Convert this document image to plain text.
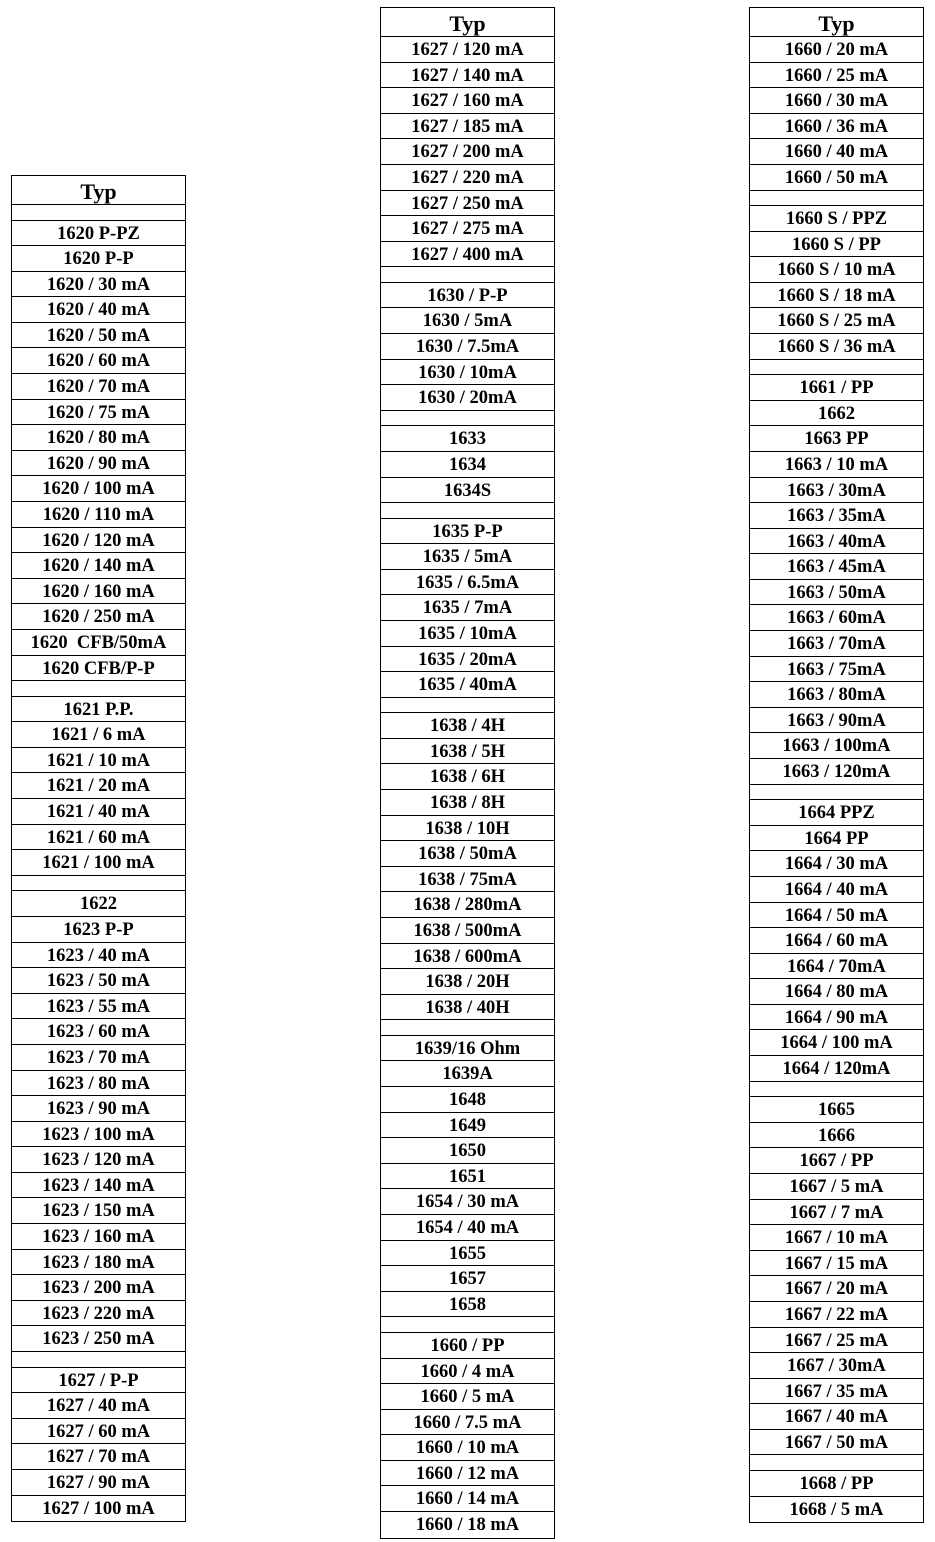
Typ
1620 P-PZ
1620 P-P
1620 / 30 mA
1620 / 40 mA
1620 / 50 mA
1620 / 60 mA
1620 / 70 mA
1620 / 75 mA
1620 / 80 mA
1620 / 90 mA
1620 / 100 mA
1620 / 110 mA
1620 / 120 mA
1620 / 140 mA
1620 / 160 mA
1620 / 250 mA
1620  CFB/50mA
1620 CFB/P-P
1621 P.P.
1621 / 6 mA
1621 / 10 mA
1621 / 20 mA
1621 / 40 mA
1621 / 60 mA
1621 / 100 mA
1622
1623 P-P
1623 / 40 mA
1623 / 50 mA
1623 / 55 mA
1623 / 60 mA
1623 / 70 mA
1623 / 80 mA
1623 / 90 mA
1623 / 100 mA
1623 / 120 mA
1623 / 140 mA
1623 / 150 mA
1623 / 160 mA
1623 / 180 mA
1623 / 200 mA
1623 / 220 mA
1623 / 250 mA
1627 / P-P
1627 / 40 mA
1627 / 60 mA
1627 / 70 mA
1627 / 90 mA
1627 / 100 mA
Typ
1627 / 120 mA
1627 / 140 mA
1627 / 160 mA
1627 / 185 mA
1627 / 200 mA
1627 / 220 mA
1627 / 250 mA
1627 / 275 mA
1627 / 400 mA
1630 / P-P
1630 / 5mA
1630 / 7.5mA
1630 / 10mA
1630 / 20mA
1633
1634
1634S
1635 P-P
1635 / 5mA
1635 / 6.5mA
1635 / 7mA
1635 / 10mA
1635 / 20mA
1635 / 40mA
1638 / 4H
1638 / 5H
1638 / 6H
1638 / 8H
1638 / 10H
1638 / 50mA
1638 / 75mA
1638 / 280mA
1638 / 500mA
1638 / 600mA
1638 / 20H
1638 / 40H
1639/16 Ohm
1639A
1648
1649
1650
1651
1654 / 30 mA
1654 / 40 mA
1655
1657
1658
1660 / PP
1660 / 4 mA
1660 / 5 mA
1660 / 7.5 mA
1660 / 10 mA
1660 / 12 mA
1660 / 14 mA
1660 / 18 mA
Typ
1660 / 20 mA
1660 / 25 mA
1660 / 30 mA
1660 / 36 mA
1660 / 40 mA
1660 / 50 mA
1660 S / PPZ
1660 S / PP
1660 S / 10 mA
1660 S / 18 mA
1660 S / 25 mA
1660 S / 36 mA
1661 / PP
1662
1663 PP
1663 / 10 mA
1663 / 30mA
1663 / 35mA
1663 / 40mA
1663 / 45mA
1663 / 50mA
1663 / 60mA
1663 / 70mA
1663 / 75mA
1663 / 80mA
1663 / 90mA
1663 / 100mA
1663 / 120mA
1664 PPZ
1664 PP
1664 / 30 mA
1664 / 40 mA
1664 / 50 mA
1664 / 60 mA
1664 / 70mA
1664 / 80 mA
1664 / 90 mA
1664 / 100 mA
1664 / 120mA
1665
1666
1667 / PP
1667 / 5 mA
1667 / 7 mA
1667 / 10 mA
1667 / 15 mA
1667 / 20 mA
1667 / 22 mA
1667 / 25 mA
1667 / 30mA
1667 / 35 mA
1667 / 40 mA
1667 / 50 mA
1668 / PP
1668 / 5 mA
